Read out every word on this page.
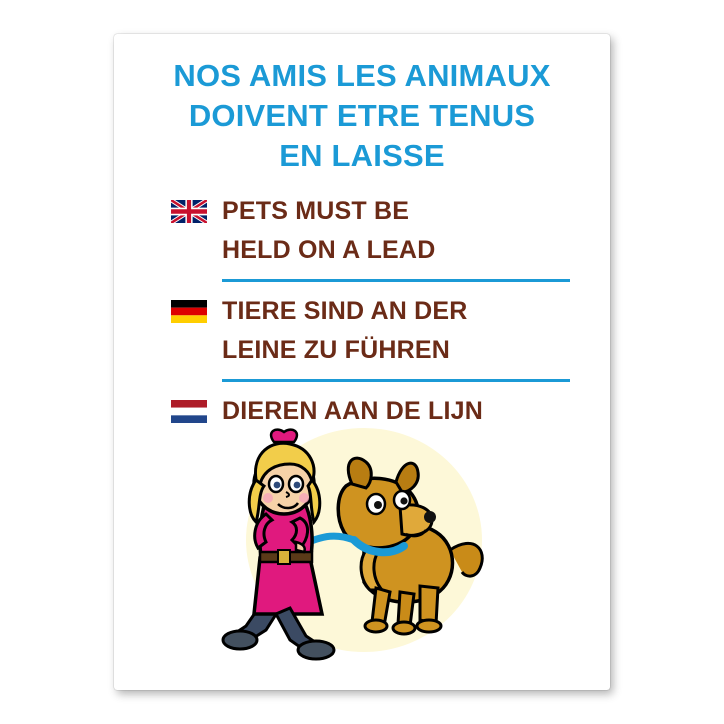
NOS AMIS LES ANIMAUX
DOIVENT ETRE TENUS
EN LAISSE
PETS MUST BE
HELD ON A LEAD
TIERE SIND AN DER
LEINE ZU FÜHREN
DIEREN AAN DE LIJN
